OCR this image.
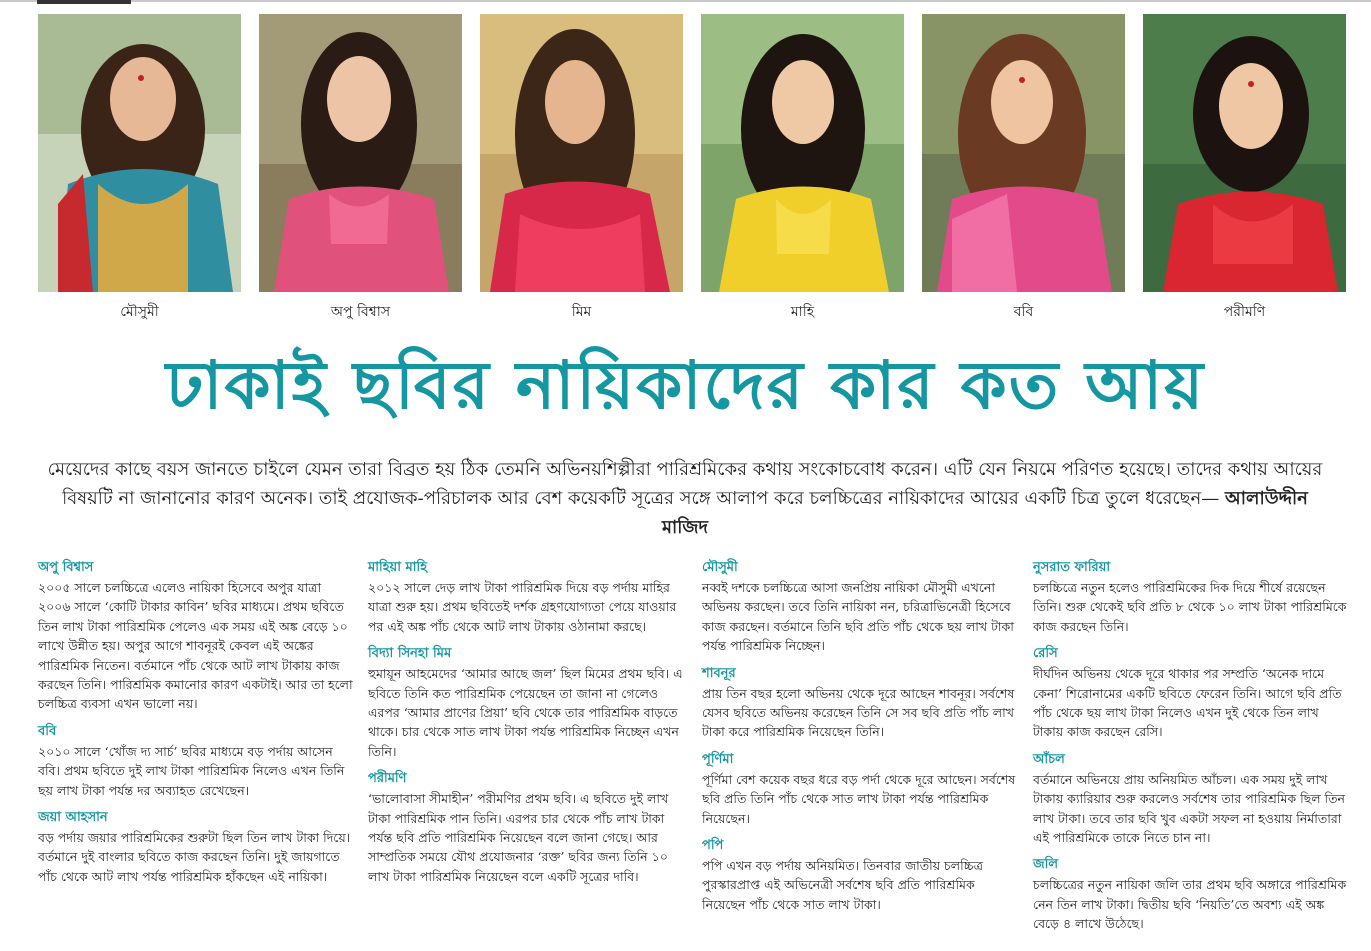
মৌসুমী	অপু বিশ্বাস	মিম	মাহি	ববি	পরীমণি
ঢাকাই ছবির নায়িকাদের কার কত আয়
মেয়েদের কাছে বয়স জানতে চাইলে যেমন তারা বিব্রত হয় ঠিক তেমনি অভিনয়শিল্পীরা পারিশ্রমিকের কথায় সংকোচবোধ করেন। এটি যেন নিয়মে পরিণত হয়েছে। তাদের কথায় আয়ের বিষয়টি না জানানোর কারণ অনেক। তাই প্রযোজক-পরিচালক আর বেশ কয়েকটি সূত্রের সঙ্গে আলাপ করে চলচ্চিত্রের নায়িকাদের আয়ের একটি চিত্র তুলে ধরেছেন— আলাউদ্দীন মাজিদ
অপু বিশ্বাস
২০০৫ সালে চলচ্চিত্রে এলেও নায়িকা হিসেবে অপুর যাত্রা ২০০৬ সালে ‘কোটি টাকার কাবিন’ ছবির মাধ্যমে। প্রথম ছবিতে তিন লাখ টাকা পারিশ্রমিক পেলেও এক সময় এই অঙ্ক বেড়ে ১০ লাখে উন্নীত হয়। অপুর আগে শাবনূরই কেবল এই অঙ্কের পারিশ্রমিক নিতেন। বর্তমানে পাঁচ থেকে আট লাখ টাকায় কাজ করছেন তিনি। পারিশ্রমিক কমানোর কারণ একটাই। আর তা হলো চলচ্চিত্র ব্যবসা এখন ভালো নয়।
ববি
২০১০ সালে ‘খোঁজ দ্য সার্চ’ ছবির মাধ্যমে বড় পর্দায় আসেন ববি। প্রথম ছবিতে দুই লাখ টাকা পারিশ্রমিক নিলেও এখন তিনি ছয় লাখ টাকা পর্যন্ত দর অব্যাহত রেখেছেন।
জয়া আহসান
বড় পর্দায় জয়ার পারিশ্রমিকের শুরুটা ছিল তিন লাখ টাকা দিয়ে। বর্তমানে দুই বাংলার ছবিতে কাজ করছেন তিনি। দুই জায়গাতে পাঁচ থেকে আট লাখ পর্যন্ত পারিশ্রমিক হাঁকছেন এই নায়িকা।
মাহিয়া মাহি
২০১২ সালে দেড় লাখ টাকা পারিশ্রমিক দিয়ে বড় পর্দায় মাহির যাত্রা শুরু হয়। প্রথম ছবিতেই দর্শক গ্রহণযোগ্যতা পেয়ে যাওয়ার পর এই অঙ্ক পাঁচ থেকে আট লাখ টাকায় ওঠানামা করছে।
বিদ্যা সিনহা মিম
হুমায়ূন আহমেদের ‘আমার আছে জল’ ছিল মিমের প্রথম ছবি। এ ছবিতে তিনি কত পারিশ্রমিক পেয়েছেন তা জানা না গেলেও এরপর ‘আমার প্রাণের প্রিয়া’ ছবি থেকে তার পারিশ্রমিক বাড়তে থাকে। চার থেকে সাত লাখ টাকা পর্যন্ত পারিশ্রমিক নিচ্ছেন এখন তিনি।
পরীমণি
‘ভালোবাসা সীমাহীন’ পরীমণির প্রথম ছবি। এ ছবিতে দুই লাখ টাকা পারিশ্রমিক পান তিনি। এরপর চার থেকে পাঁচ লাখ টাকা পর্যন্ত ছবি প্রতি পারিশ্রমিক নিয়েছেন বলে জানা গেছে। আর সাম্প্রতিক সময়ে যৌথ প্রযোজনার ‘রক্ত’ ছবির জন্য তিনি ১০ লাখ টাকা পারিশ্রমিক নিয়েছেন বলে একটি সূত্রের দাবি।
মৌসুমী
নব্বই দশকে চলচ্চিত্রে আসা জনপ্রিয় নায়িকা মৌসুমী এখনো অভিনয় করছেন। তবে তিনি নায়িকা নন, চরিত্রাভিনেত্রী হিসেবে কাজ করছেন। বর্তমানে তিনি ছবি প্রতি পাঁচ থেকে ছয় লাখ টাকা পর্যন্ত পারিশ্রমিক নিচ্ছেন।
শাবনূর
প্রায় তিন বছর হলো অভিনয় থেকে দূরে আছেন শাবনূর। সর্বশেষ যেসব ছবিতে অভিনয় করেছেন তিনি সে সব ছবি প্রতি পাঁচ লাখ টাকা করে পারিশ্রমিক নিয়েছেন তিনি।
পূর্ণিমা
পূর্ণিমা বেশ কয়েক বছর ধরে বড় পর্দা থেকে দূরে আছেন। সর্বশেষ ছবি প্রতি তিনি পাঁচ থেকে সাত লাখ টাকা পর্যন্ত পারিশ্রমিক নিয়েছেন।
পপি
পপি এখন বড় পর্দায় অনিয়মিত। তিনবার জাতীয় চলচ্চিত্র পুরস্কারপ্রাপ্ত এই অভিনেত্রী সর্বশেষ ছবি প্রতি পারিশ্রমিক নিয়েছেন পাঁচ থেকে সাত লাখ টাকা।
নুসরাত ফারিয়া
চলচ্চিত্রে নতুন হলেও পারিশ্রমিকের দিক দিয়ে শীর্ষে রয়েছেন তিনি। শুরু থেকেই ছবি প্রতি ৮ থেকে ১০ লাখ টাকা পারিশ্রমিকে কাজ করছেন তিনি।
রেসি
দীর্ঘদিন অভিনয় থেকে দূরে থাকার পর সম্প্রতি ‘অনেক দামে কেনা’ শিরোনামের একটি ছবিতে ফেরেন তিনি। আগে ছবি প্রতি পাঁচ থেকে ছয় লাখ টাকা নিলেও এখন দুই থেকে তিন লাখ টাকায় কাজ করছেন রেসি।
আঁচল
বর্তমানে অভিনয়ে প্রায় অনিয়মিত আঁচল। এক সময় দুই লাখ টাকায় ক্যারিয়ার শুরু করলেও সর্বশেষ তার পারিশ্রমিক ছিল তিন লাখ টাকা। তবে তার ছবি খুব একটা সফল না হওয়ায় নির্মাতারা এই পারিশ্রমিকে তাকে নিতে চান না।
জলি
চলচ্চিত্রের নতুন নায়িকা জলি তার প্রথম ছবি অঙ্গারে পারিশ্রমিক নেন তিন লাখ টাকা। দ্বিতীয় ছবি ‘নিয়তি’তে অবশ্য এই অঙ্ক বেড়ে ৪ লাখে উঠেছে।
